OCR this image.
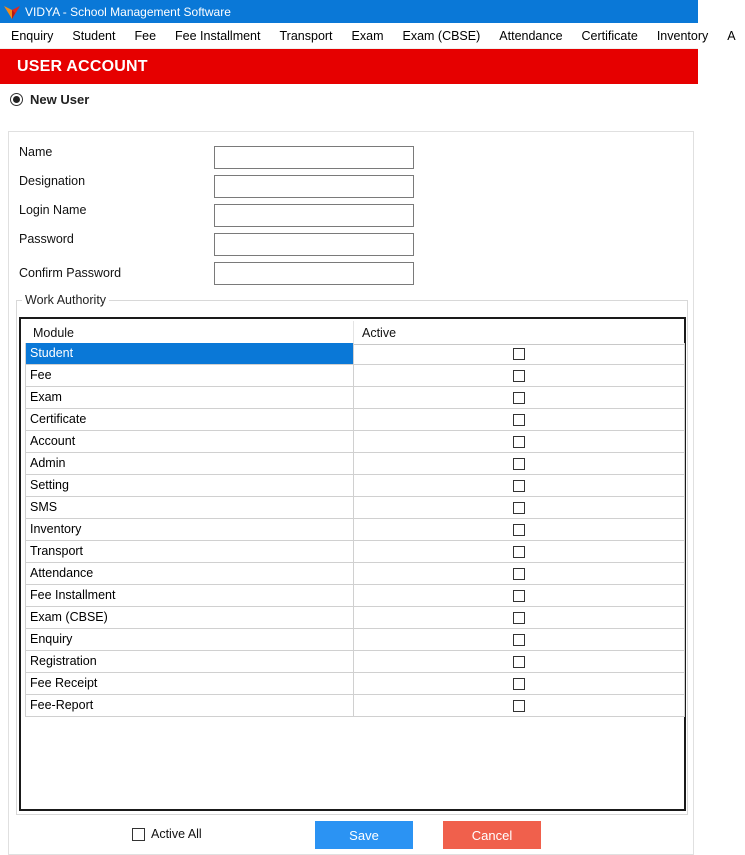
VIDYA - School Management Software
Enquiry	Student	Fee	Fee Installment	Transport	Exam	Exam (CBSE)	Attendance	Certificate	Inventory	A
USER ACCOUNT
New User
Name
Designation
Login Name
Password
Confirm Password
Work Authority
Module	Active
Student
Fee
Exam
Certificate
Account
Admin
Setting
SMS
Inventory
Transport
Attendance
Fee Installment
Exam (CBSE)
Enquiry
Registration
Fee Receipt
Fee-Report
Active All	Save	Cancel
